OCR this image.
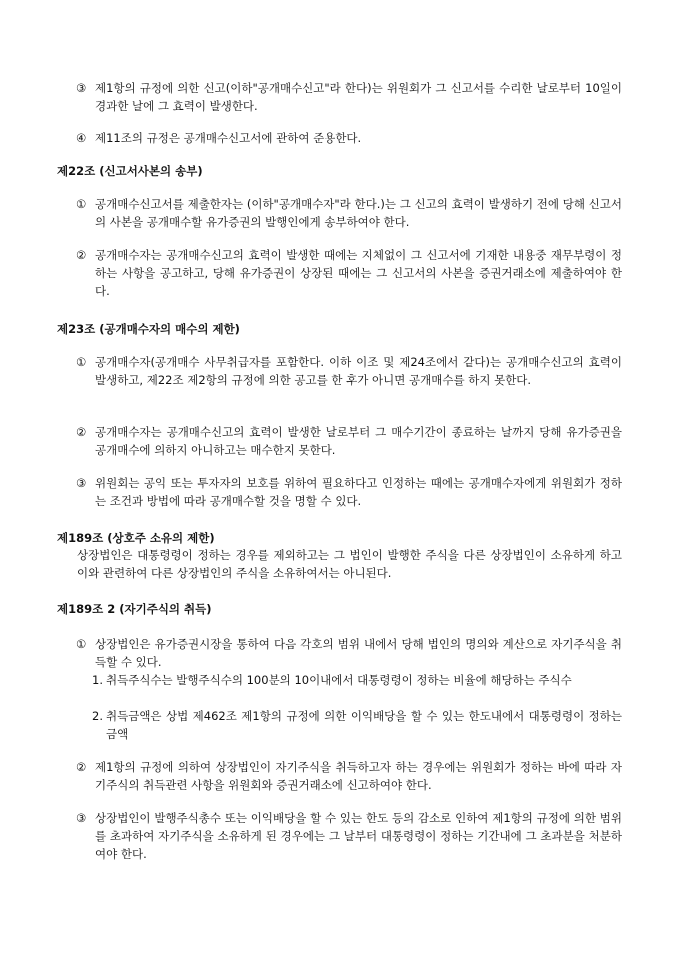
③ 제1항의 규정에 의한 신고(이하"공개매수신고"라 한다)는 위원회가 그 신고서를 수리한 날로부터 10일이 경과한 날에 그 효력이 발생한다.
④ 제11조의 규정은 공개매수신고서에 관하여 준용한다.
제22조 (신고서사본의 송부)
① 공개매수신고서를 제출한자는 (이하"공개매수자"라 한다.)는 그 신고의 효력이 발생하기 전에 당해 신고서의 사본을 공개매수할 유가증권의 발행인에게 송부하여야 한다.
② 공개매수자는 공개매수신고의 효력이 발생한 때에는 지체없이 그 신고서에 기재한 내용중 재무부령이 정하는 사항을 공고하고, 당해 유가증권이 상장된 때에는 그 신고서의 사본을 증권거래소에 제출하여야 한다.
제23조 (공개매수자의 매수의 제한)
① 공개매수자(공개매수 사무취급자를 포함한다. 이하 이조 및 제24조에서 같다)는 공개매수신고의 효력이 발생하고, 제22조 제2항의 규정에 의한 공고를 한 후가 아니면 공개매수를 하지 못한다.
② 공개매수자는 공개매수신고의 효력이 발생한 날로부터 그 매수기간이 종료하는 날까지 당해 유가증권을 공개매수에 의하지 아니하고는 매수한지 못한다.
③ 위원회는 공익 또는 투자자의 보호를 위하여 필요하다고 인정하는 때에는 공개매수자에게 위원회가 정하는 조건과 방법에 따라 공개매수할 것을 명할 수 있다.
제189조 (상호주 소유의 제한)
상장법인은 대통령령이 정하는 경우를 제외하고는 그 법인이 발행한 주식을 다른 상장법인이 소유하게 하고 이와 관련하여 다른 상장법인의 주식을 소유하여서는 아니된다.
제189조 2 (자기주식의 취득)
① 상장법인은 유가증권시장을 통하여 다음 각호의 범위 내에서 당해 법인의 명의와 계산으로 자기주식을 취득할 수 있다.
1. 취득주식수는 발행주식수의 100분의 10이내에서 대통령령이 정하는 비율에 해당하는 주식수
2. 취득금액은 상법 제462조 제1항의 규정에 의한 이익배당을 할 수 있는 한도내에서 대통령령이 정하는 금액
② 제1항의 규정에 의하여 상장법인이 자기주식을 취득하고자 하는 경우에는 위원회가 정하는 바에 따라 자기주식의 취득관련 사항을 위원회와 증권거래소에 신고하여야 한다.
③ 상장법인이 발행주식총수 또는 이익배당을 할 수 있는 한도 등의 감소로 인하여 제1항의 규정에 의한 범위를 초과하여 자기주식을 소유하게 된 경우에는 그 날부터 대통령령이 정하는 기간내에 그 초과분을 처분하여야 한다.
